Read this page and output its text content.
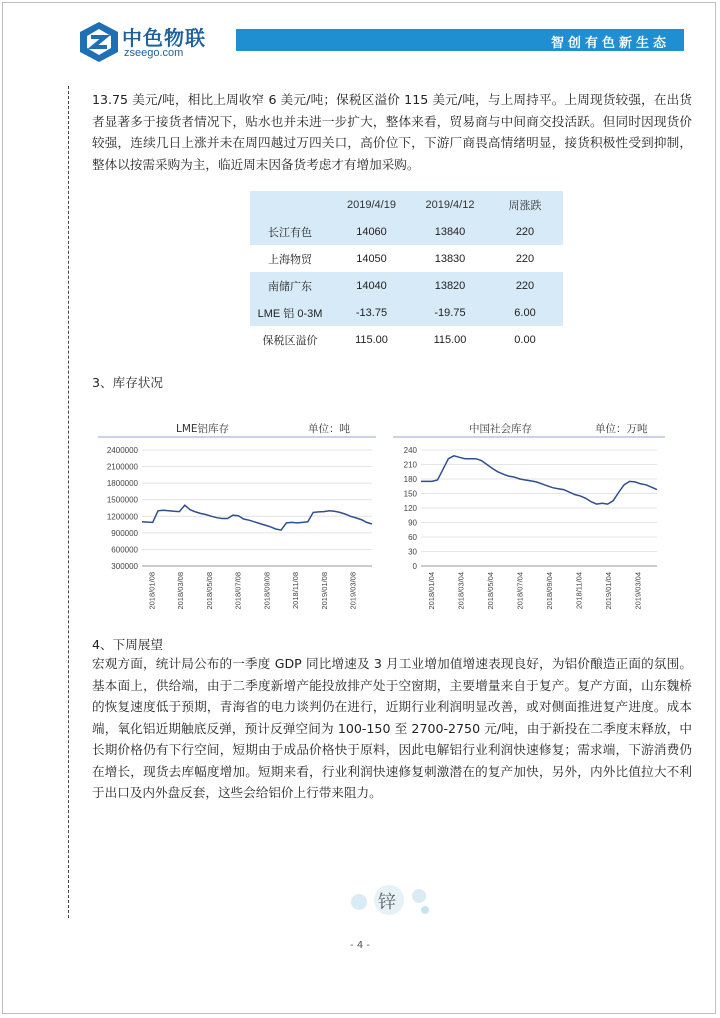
中色物联
zseego.com
智创有色新生态
13.75 美元/吨，相比上周收窄 6 美元/吨；保税区溢价 115 美元/吨，与上周持平。上周现货较强，在出货者显著多于接货者情况下，贴水也并未进一步扩大，整体来看，贸易商与中间商交投活跃。但同时因现货价较强，连续几日上涨并未在周四越过万四关口，高价位下，下游厂商畏高情绪明显，接货积极性受到抑制，整体以按需采购为主，临近周末因备货考虑才有增加采购。
	2019/4/19	2019/4/12	周涨跌
长江有色	14060	13840	220
上海物贸	14050	13830	220
南储广东	14040	13820	220
LME 铝 0-3M	-13.75	-19.75	6.00
保税区溢价	115.00	115.00	0.00
3、库存状况
LME铝库存	单位：吨
2400000
2100000
1800000
1500000
1200000
900000
600000
300000
2018/01/08	2018/03/08	2018/05/08	2018/07/08	2018/09/08	2018/11/08	2019/01/08	2019/03/08
中国社会库存	单位：万吨
240
210
180
150
120
90
60
30
0
2018/01/04	2018/03/04	2018/05/04	2018/07/04	2018/09/04	2018/11/04	2019/01/04	2019/03/04
4、下周展望
宏观方面，统计局公布的一季度 GDP 同比增速及 3 月工业增加值增速表现良好，为铝价酿造正面的氛围。基本面上，供给端，由于二季度新增产能投放排产处于空窗期，主要增量来自于复产。复产方面，山东魏桥的恢复速度低于预期，青海省的电力谈判仍在进行，近期行业利润明显改善，或对侧面推进复产进度。成本端，氧化铝近期触底反弹，预计反弹空间为 100-150 至 2700-2750 元/吨，由于新投在二季度末释放，中长期价格仍有下行空间，短期由于成品价格快于原料，因此电解铝行业利润快速修复；需求端，下游消费仍在增长，现货去库幅度增加。短期来看，行业利润快速修复刺激潜在的复产加快，另外，内外比值拉大不利于出口及内外盘反套，这些会给铝价上行带来阻力。
锌
- 4 -
